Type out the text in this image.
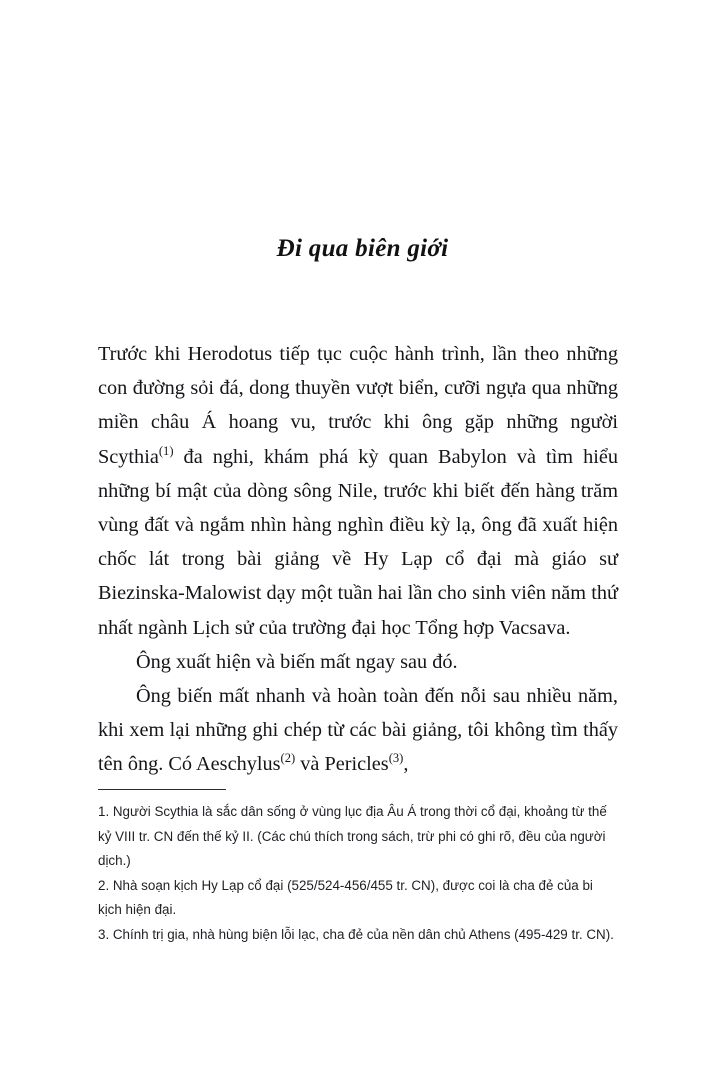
Đi qua biên giới

Trước khi Herodotus tiếp tục cuộc hành trình, lần theo những con đường sỏi đá, dong thuyền vượt biển, cưỡi ngựa qua những miền châu Á hoang vu, trước khi ông gặp những người Scythia$^{(1)}$ đa nghi, khám phá kỳ quan Babylon và tìm hiểu những bí mật của dòng sông Nile, trước khi biết đến hàng trăm vùng đất và ngắm nhìn hàng nghìn điều kỳ lạ, ông đã xuất hiện chốc lát trong bài giảng về Hy Lạp cổ đại mà giáo sư Biezinska-Malowist dạy một tuần hai lần cho sinh viên năm thứ nhất ngành Lịch sử của trường đại học Tổng hợp Vacsava.

Ông xuất hiện và biến mất ngay sau đó.

Ông biến mất nhanh và hoàn toàn đến nỗi sau nhiều năm, khi xem lại những ghi chép từ các bài giảng, tôi không tìm thấy tên ông. Có Aeschylus$^{(2)}$ và Pericles$^{(3)}$,

1. Người Scythia là sắc dân sống ở vùng lục địa Âu Á trong thời cổ đại, khoảng từ thế kỷ VIII tr. CN đến thế kỷ II. (Các chú thích trong sách, trừ phi có ghi rõ, đều của người dịch.)

2. Nhà soạn kịch Hy Lạp cổ đại (525/524-456/455 tr. CN), được coi là cha đẻ của bi kịch hiện đại.

3. Chính trị gia, nhà hùng biện lỗi lạc, cha đẻ của nền dân chủ Athens (495-429 tr. CN).
